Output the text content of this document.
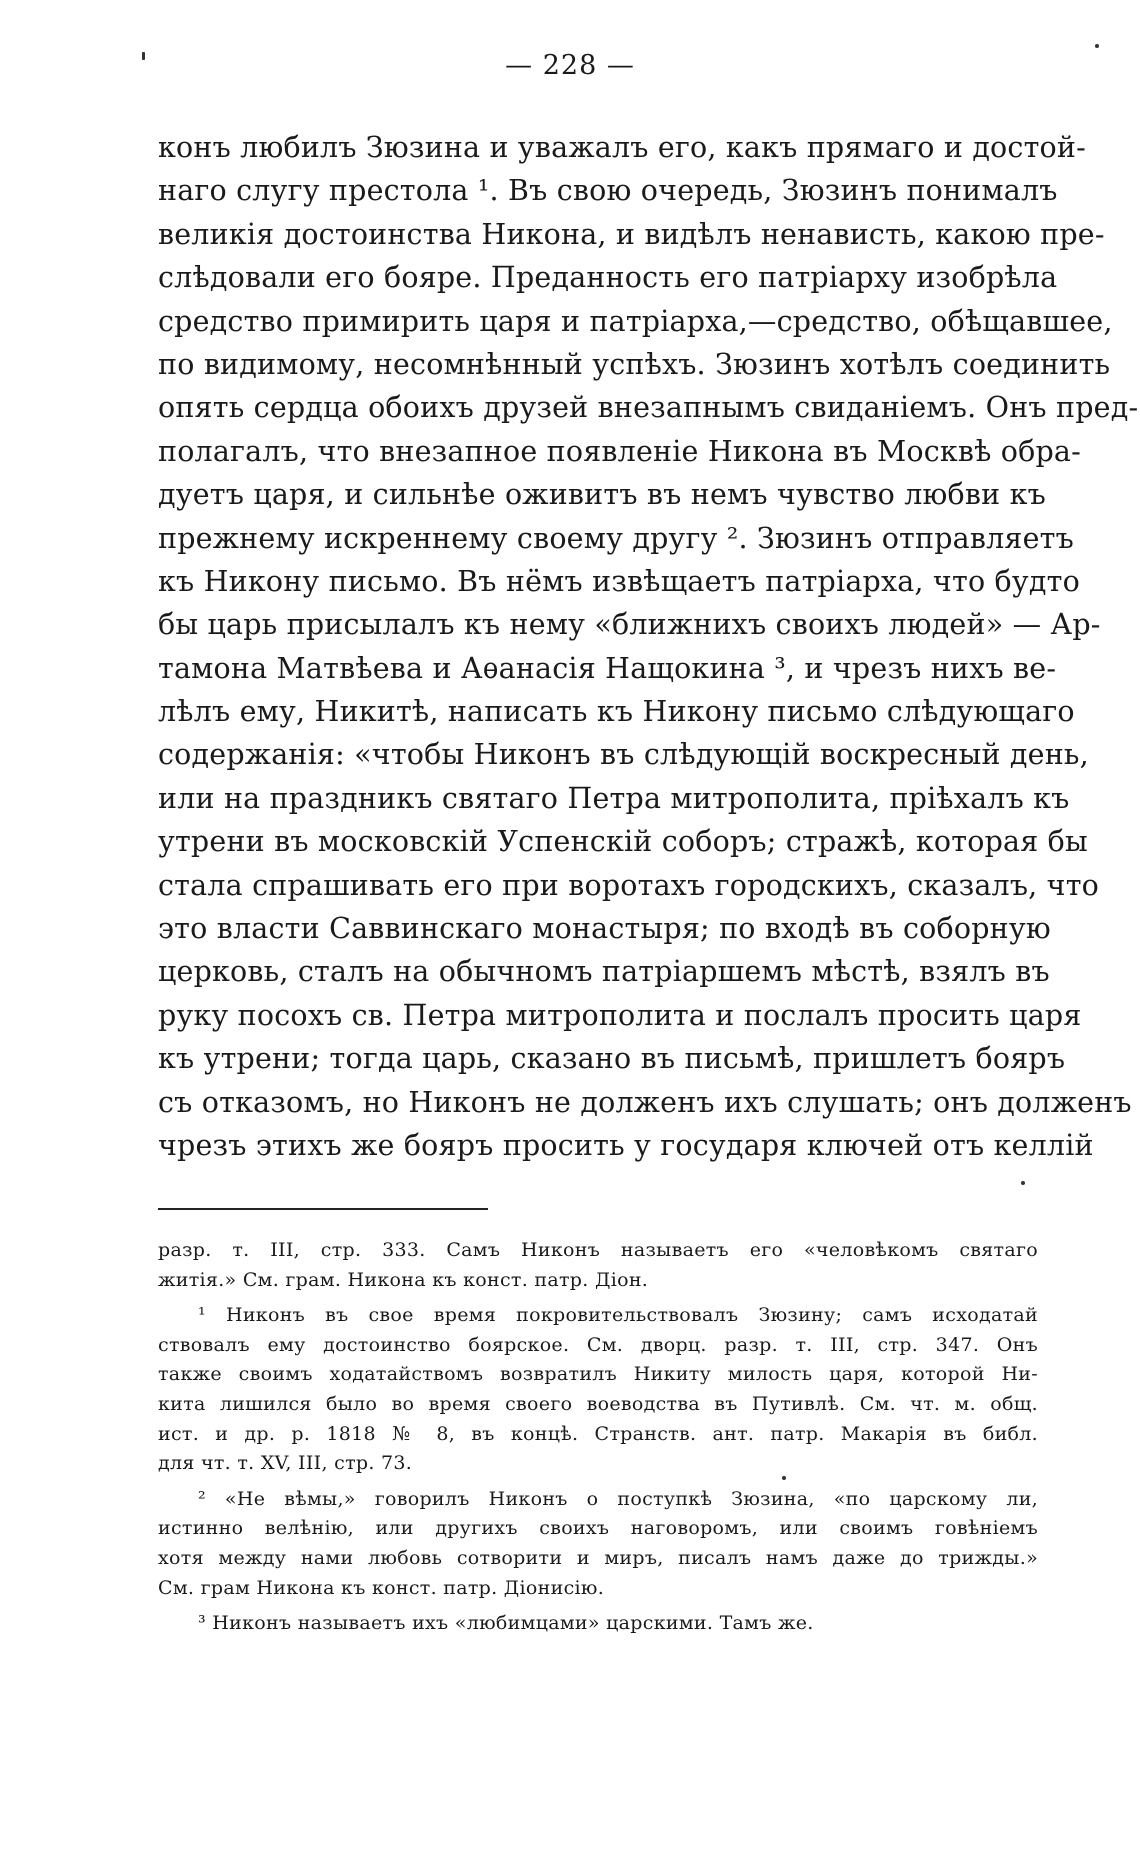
— 228 —
конъ любилъ Зюзина и уважалъ его, какъ прямаго и достой-
наго слугу престола ¹. Въ свою очередь, Зюзинъ понималъ
великія достоинства Никона, и видѣлъ ненависть, какою пре-
слѣдовали его бояре. Преданность его патріарху изобрѣла
средство примирить царя и патріарха,—средство, обѣщавшее,
по видимому, несомнѣнный успѣхъ. Зюзинъ хотѣлъ соединить
опять сердца обоихъ друзей внезапнымъ свиданіемъ. Онъ пред-
полагалъ, что внезапное появленіе Никона въ Москвѣ обра-
дуетъ царя, и сильнѣе оживитъ въ немъ чувство любви къ
прежнему искреннему своему другу ². Зюзинъ отправляетъ
къ Никону письмо. Въ нёмъ извѣщаетъ патріарха, что будто
бы царь присылалъ къ нему «ближнихъ своихъ людей» — Ар-
тамона Матвѣева и Аѳанасія Нащокина ³, и чрезъ нихъ ве-
лѣлъ ему, Никитѣ, написать къ Никону письмо слѣдующаго
содержанія: «чтобы Никонъ въ слѣдующій воскресный день,
или на праздникъ святаго Петра митрополита, пріѣхалъ къ
утрени въ московскій Успенскій соборъ; стражѣ, которая бы
стала спрашивать его при воротахъ городскихъ, сказалъ, что
это власти Саввинскаго монастыря; по входѣ въ соборную
церковь, сталъ на обычномъ патріаршемъ мѣстѣ, взялъ въ
руку посохъ св. Петра митрополита и послалъ просить царя
къ утрени; тогда царь, сказано въ письмѣ, пришлетъ бояръ
съ отказомъ, но Никонъ не долженъ ихъ слушать; онъ долженъ
чрезъ этихъ же бояръ просить у государя ключей отъ келлій
разр. т. III, стр. 333. Самъ Никонъ называетъ его «человѣкомъ святаго
житія.» См. грам. Никона къ конст. патр. Діон.
¹ Никонъ въ свое время покровительствовалъ Зюзину; самъ исходатай
ствовалъ ему достоинство боярское. См. дворц. разр. т. III, стр. 347. Онъ
также своимъ ходатайствомъ возвратилъ Никиту милость царя, которой Ни-
кита лишился было во время своего воеводства въ Путивлѣ. См. чт. м. общ.
ист. и др. р. 1818 № 8, въ концѣ. Странств. ант. патр. Макарія въ библ.
для чт. т. XV, III, стр. 73.
² «Не вѣмы,» говорилъ Никонъ о поступкѣ Зюзина, «по царскому ли,
истинно велѣнію, или другихъ своихъ наговоромъ, или своимъ говѣніемъ
хотя между нами любовь сотворити и миръ, писалъ намъ даже до трижды.»
См. грам Никона къ конст. патр. Діонисію.
³ Никонъ называетъ ихъ «любимцами» царскими. Тамъ же.
